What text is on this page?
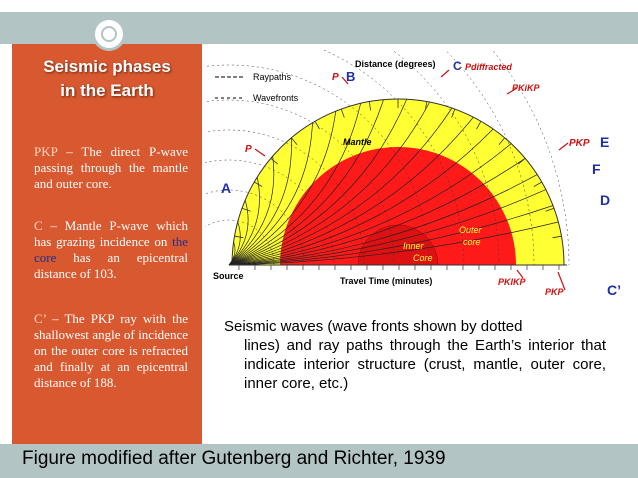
Seismic phases
in the Earth
PKP – The direct P-wave passing through the mantle and outer core.
C – Mantle P-wave which has grazing incidence on the core has an epicentral distance of 103.
C’ – The PKP ray with the shallowest angle of incidence on the outer core is refracted and finally at an epicentral distance of 188.
Raypaths
Wavefronts
Distance (degrees)
Travel Time (minutes)
Source
Mantle
Outer
core
Inner
Core
P
P
B
C Pdiffracted
PKiKP
PKP E
F
D
A
PKIKP
PKP	C’
Seismic waves (wave fronts shown by dotted
lines) and ray paths through the Earth’s interior that indicate interior structure (crust, mantle, outer core, inner core, etc.)
Figure modified after Gutenberg and Richter, 1939
